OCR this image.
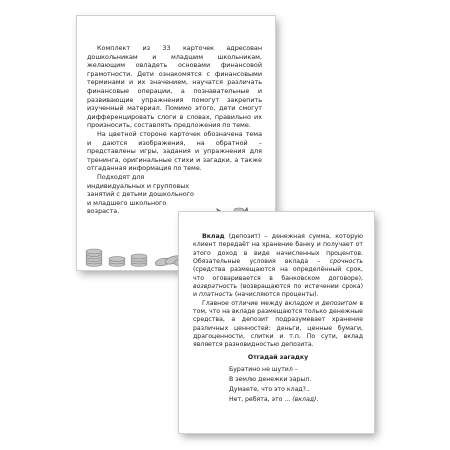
Комплект из 33 карточек адресован дошкольникам и младшим школьникам, желающим овладеть основами финансовой грамотности. Дети ознакомятся с финансовыми терминами и их значением, научатся различать финансовые операции, а познавательные и развивающие упражнения помогут закрепить изученный материал. Помимо этого, дети смогут дифференцировать слоги в словах, правильно их произносить, составлять предложения по теме.

На цветной стороне карточек обозначена тема и даются изображения, на обратной – представлены игры, задания и упражнения для тренинга, оригинальные стихи и загадки, а также отгаданная информация по теме.

Подходят для индивидуальных и групповых занятий с детьми дошкольного и младшего школьного возраста.

Вклад (депозит) – денежная сумма, которую клиент передаёт на хранение банку и получает от этого доход в виде начисленных процентов. Обязательные условия вклада – срочность (средства размещаются на определённый срок, что оговаривается в банковском договоре), возвратность (возвращаются по истечении срока) и платность (начисляются проценты).

Главное отличие между вкладом и депозитом в том, что на вкладе размещаются только денежные средства, а депозит подразумевает хранение различных ценностей: деньги, ценные бумаги, драгоценности, слитки и т.п. По сути, вклад является разновидностью депозита.

Отгадай загадку
Буратино не шутил –
В землю денежки зарыл.
Думаете, что это клад?..
Нет, ребята, это ... (вклад).
